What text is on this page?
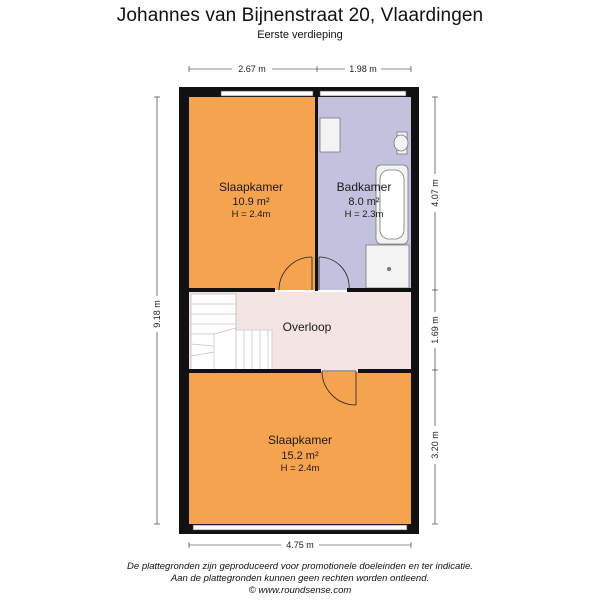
Johannes van Bijnenstraat 20, Vlaardingen
Eerste verdieping
Slaapkamer
10.9 m²
H = 2.4m
Badkamer
8.0 m²
H = 2.3m
Overloop
Slaapkamer
15.2 m²
H = 2.4m
2.67 m	1.98 m
4.75 m
9.18 m
4.07 m
1.69 m
3.20 m
De plattegronden zijn geproduceerd voor promotionele doeleinden en ter indicatie.
Aan de plattegronden kunnen geen rechten worden ontleend.
© www.roundsense.com
